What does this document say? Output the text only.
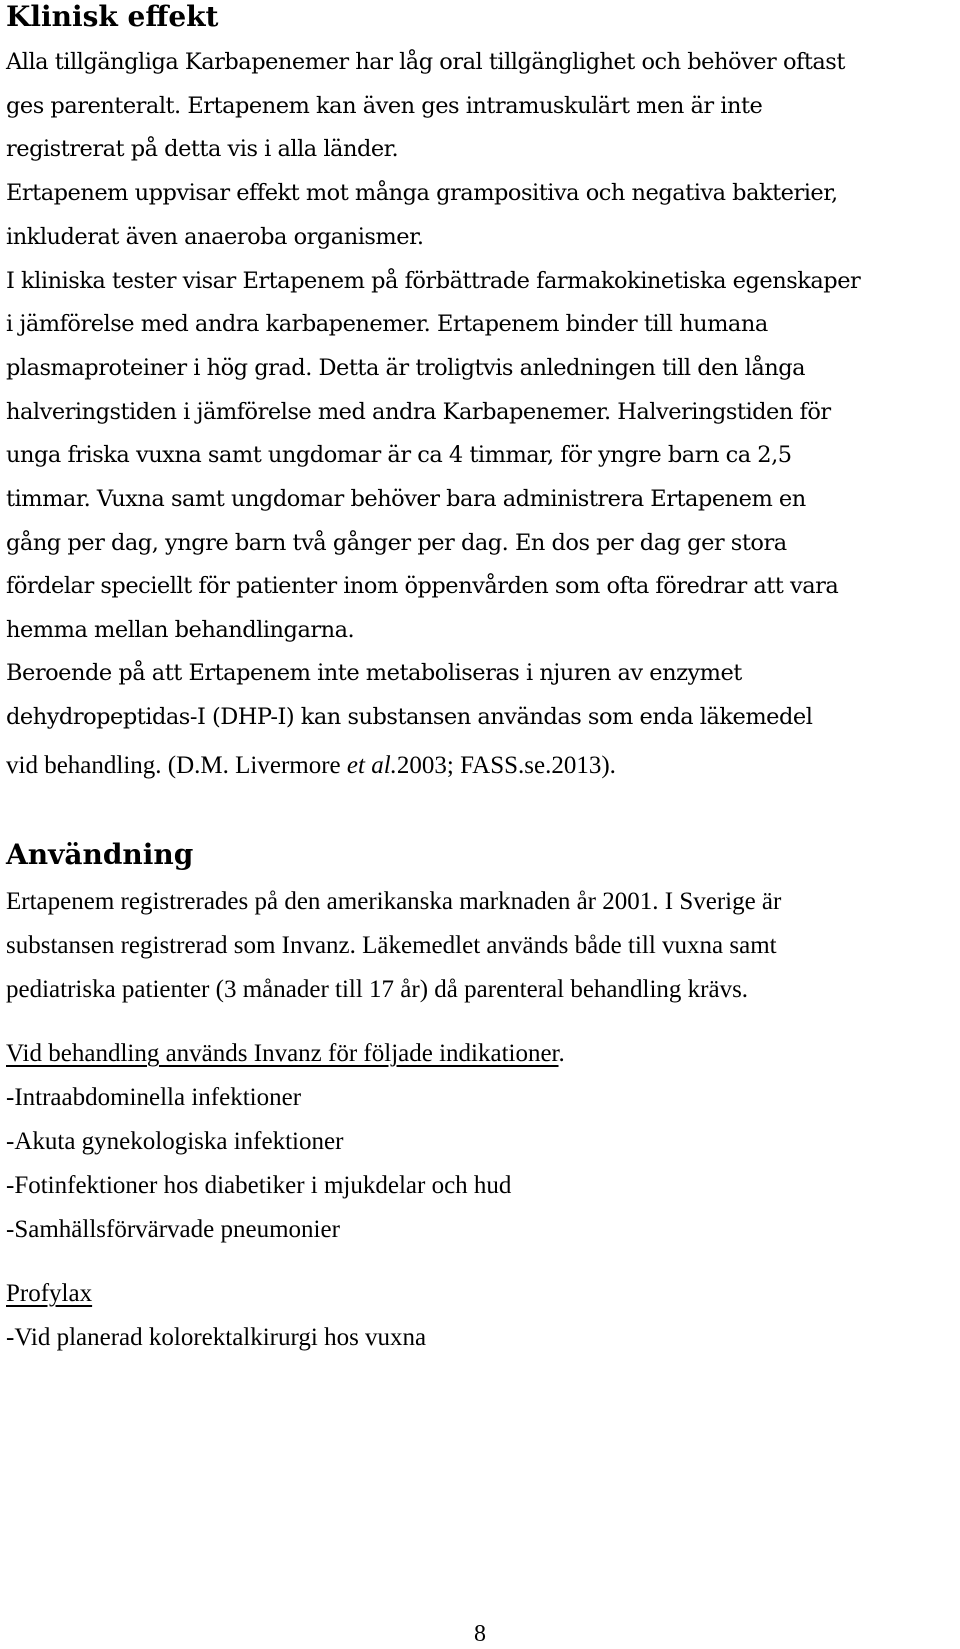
Klinisk effekt
Alla tillgängliga Karbapenemer har låg oral tillgänglighet och behöver oftast
ges parenteralt. Ertapenem kan även ges intramuskulärt men är inte
registrerat på detta vis i alla länder.
Ertapenem uppvisar effekt mot många grampositiva och negativa bakterier,
inkluderat även anaeroba organismer.
I kliniska tester visar Ertapenem på förbättrade farmakokinetiska egenskaper
i jämförelse med andra karbapenemer. Ertapenem binder till humana
plasmaproteiner i hög grad. Detta är troligtvis anledningen till den långa
halveringstiden i jämförelse med andra Karbapenemer. Halveringstiden för
unga friska vuxna samt ungdomar är ca 4 timmar, för yngre barn ca 2,5
timmar. Vuxna samt ungdomar behöver bara administrera Ertapenem en
gång per dag, yngre barn två gånger per dag. En dos per dag ger stora
fördelar speciellt för patienter inom öppenvården som ofta föredrar att vara
hemma mellan behandlingarna.
Beroende på att Ertapenem inte metaboliseras i njuren av enzymet
dehydropeptidas-I (DHP-I) kan substansen användas som enda läkemedel
vid behandling. (D.M. Livermore et al.2003; FASS.se.2013).
Användning
Ertapenem registrerades på den amerikanska marknaden år 2001. I Sverige är
substansen registrerad som Invanz. Läkemedlet används både till vuxna samt
pediatriska patienter (3 månader till 17 år) då parenteral behandling krävs.
Vid behandling används Invanz för följade indikationer.
-Intraabdominella infektioner
-Akuta gynekologiska infektioner
-Fotinfektioner hos diabetiker i mjukdelar och hud
-Samhällsförvärvade pneumonier
Profylax
-Vid planerad kolorektalkirurgi hos vuxna
8
